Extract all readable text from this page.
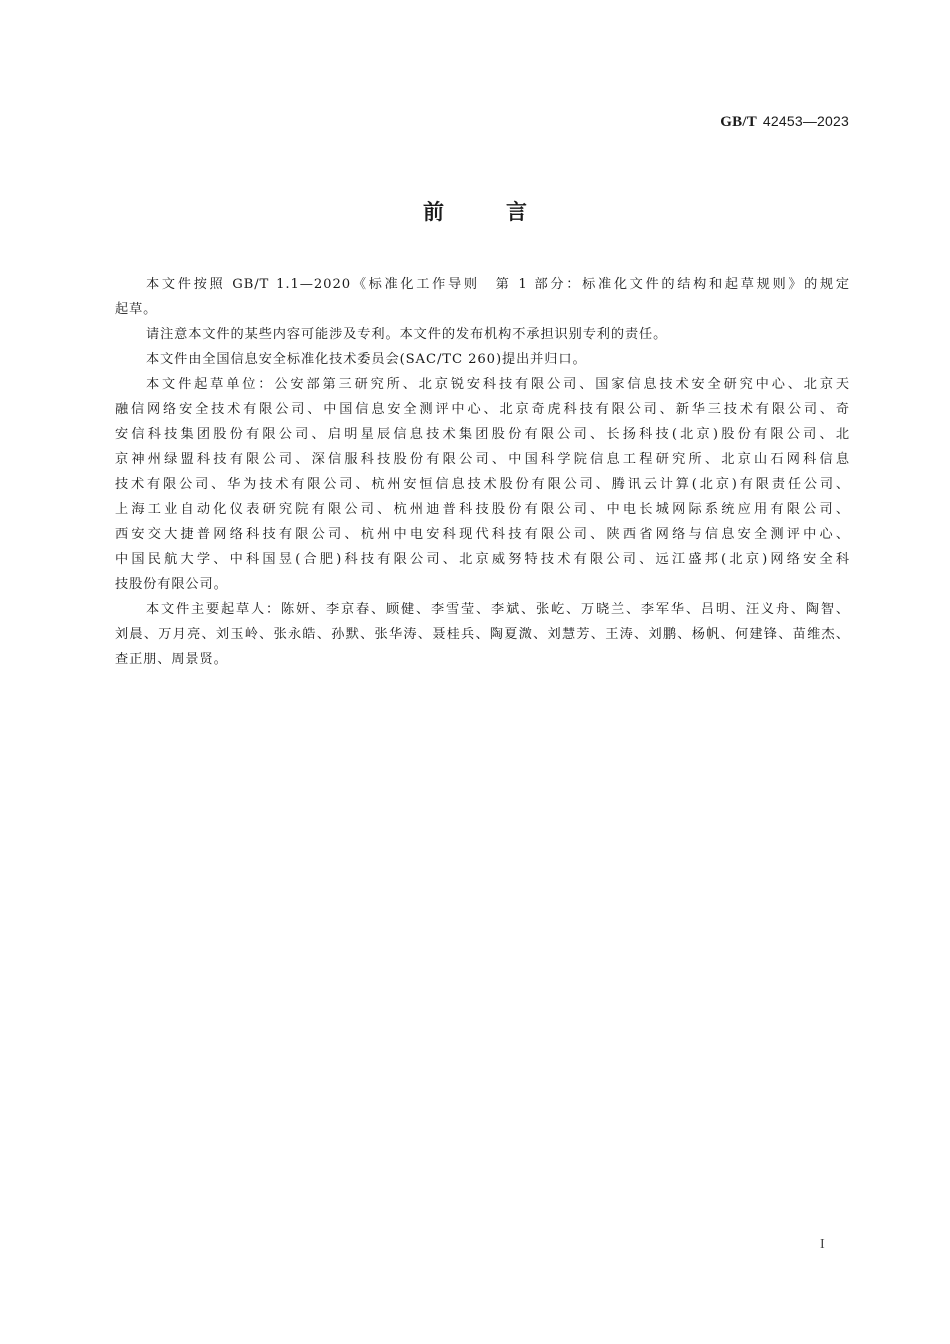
GB/T 42453—2023
前	言

本文件按照 GB/T 1.1—2020《标准化工作导则　第 1 部分：标准化文件的结构和起草规则》的规定
起草。

请注意本文件的某些内容可能涉及专利。本文件的发布机构不承担识别专利的责任。

本文件由全国信息安全标准化技术委员会(SAC/TC 260)提出并归口。

本文件起草单位：公安部第三研究所、北京锐安科技有限公司、国家信息技术安全研究中心、北京天
融信网络安全技术有限公司、中国信息安全测评中心、北京奇虎科技有限公司、新华三技术有限公司、奇
安信科技集团股份有限公司、启明星辰信息技术集团股份有限公司、长扬科技(北京)股份有限公司、北
京神州绿盟科技有限公司、深信服科技股份有限公司、中国科学院信息工程研究所、北京山石网科信息
技术有限公司、华为技术有限公司、杭州安恒信息技术股份有限公司、腾讯云计算(北京)有限责任公司、
上海工业自动化仪表研究院有限公司、杭州迪普科技股份有限公司、中电长城网际系统应用有限公司、
西安交大捷普网络科技有限公司、杭州中电安科现代科技有限公司、陕西省网络与信息安全测评中心、
中国民航大学、中科国昱(合肥)科技有限公司、北京威努特技术有限公司、远江盛邦(北京)网络安全科
技股份有限公司。

本文件主要起草人：陈妍、李京春、顾健、李雪莹、李斌、张屹、万晓兰、李军华、吕明、汪义舟、陶智、
刘晨、万月亮、刘玉岭、张永皓、孙默、张华涛、聂桂兵、陶夏溦、刘慧芳、王涛、刘鹏、杨帆、何建锋、苗维杰、
查正朋、周景贤。

I
